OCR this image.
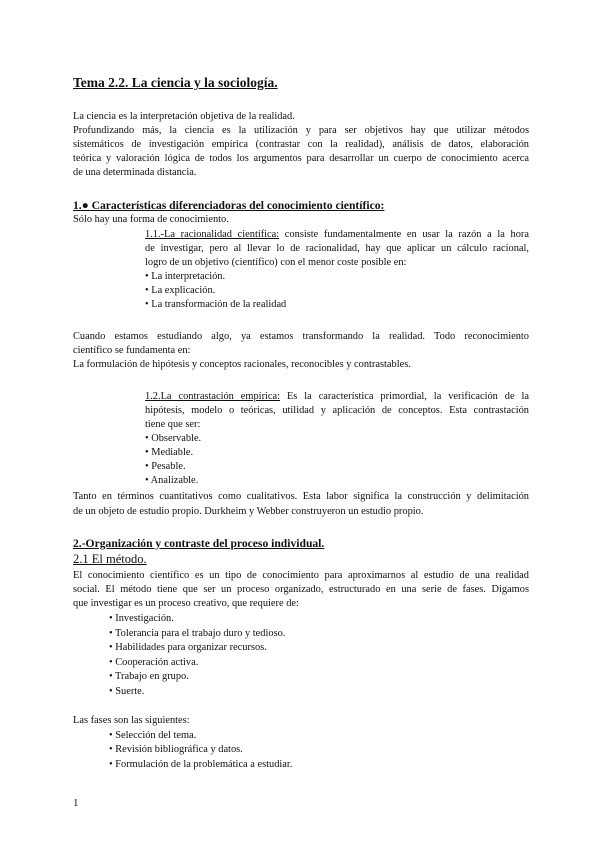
Tema 2.2. La ciencia y la sociología.
La ciencia es la interpretación objetiva de la realidad.
Profundizando más, la ciencia es la utilización y para ser objetivos hay que utilizar métodos
sistemáticos de investigación empírica (contrastar con la realidad), análisis de datos, elaboración
teórica y valoración lógica de todos los argumentos para desarrollar un cuerpo de conocimiento acerca
de una determinada distancia.
1.● Características diferenciadoras del conocimiento científico:
Sólo hay una forma de conocimiento.
1.1.-La racionalidad científica: consiste fundamentalmente en usar la razón a la hora
de investigar, pero al llevar lo de racionalidad, hay que aplicar un cálculo racional,
logro de un objetivo (científico) con el menor coste posible en:
• La interpretación.
• La explicación.
• La transformación de la realidad
Cuando estamos estudiando algo, ya estamos transformando la realidad. Todo reconocimiento
científico se fundamenta en:
La formulación de hipótesis y conceptos racionales, reconocibles y contrastables.
1.2.La contrastación empírica: Es la característica primordial, la verificación de la
hipótesis, modelo o teóricas, utilidad y aplicación de conceptos. Esta contrastación
tiene que ser:
• Observable.
• Mediable.
• Pesable.
• Analizable.
Tanto en términos cuantitativos como cualitativos. Esta labor significa la construcción y delimitación
de un objeto de estudio propio. Durkheim y Webber construyeron un estudio propio.
2.-Organización y contraste del proceso individual.
2.1 El método.
El conocimiento científico es un tipo de conocimiento para aproximarnos al estudio de una realidad
social. El método tiene que ser un proceso organizado, estructurado en una serie de fases. Digamos
que investigar es un proceso creativo, que requiere de:
• Investigación.
• Tolerancia para el trabajo duro y tedioso.
• Habilidades para organizar recursos.
• Cooperación activa.
• Trabajo en grupo.
• Suerte.
Las fases son las siguientes:
• Selección del tema.
• Revisión bibliográfica y datos.
• Formulación de la problemática a estudiar.
1
